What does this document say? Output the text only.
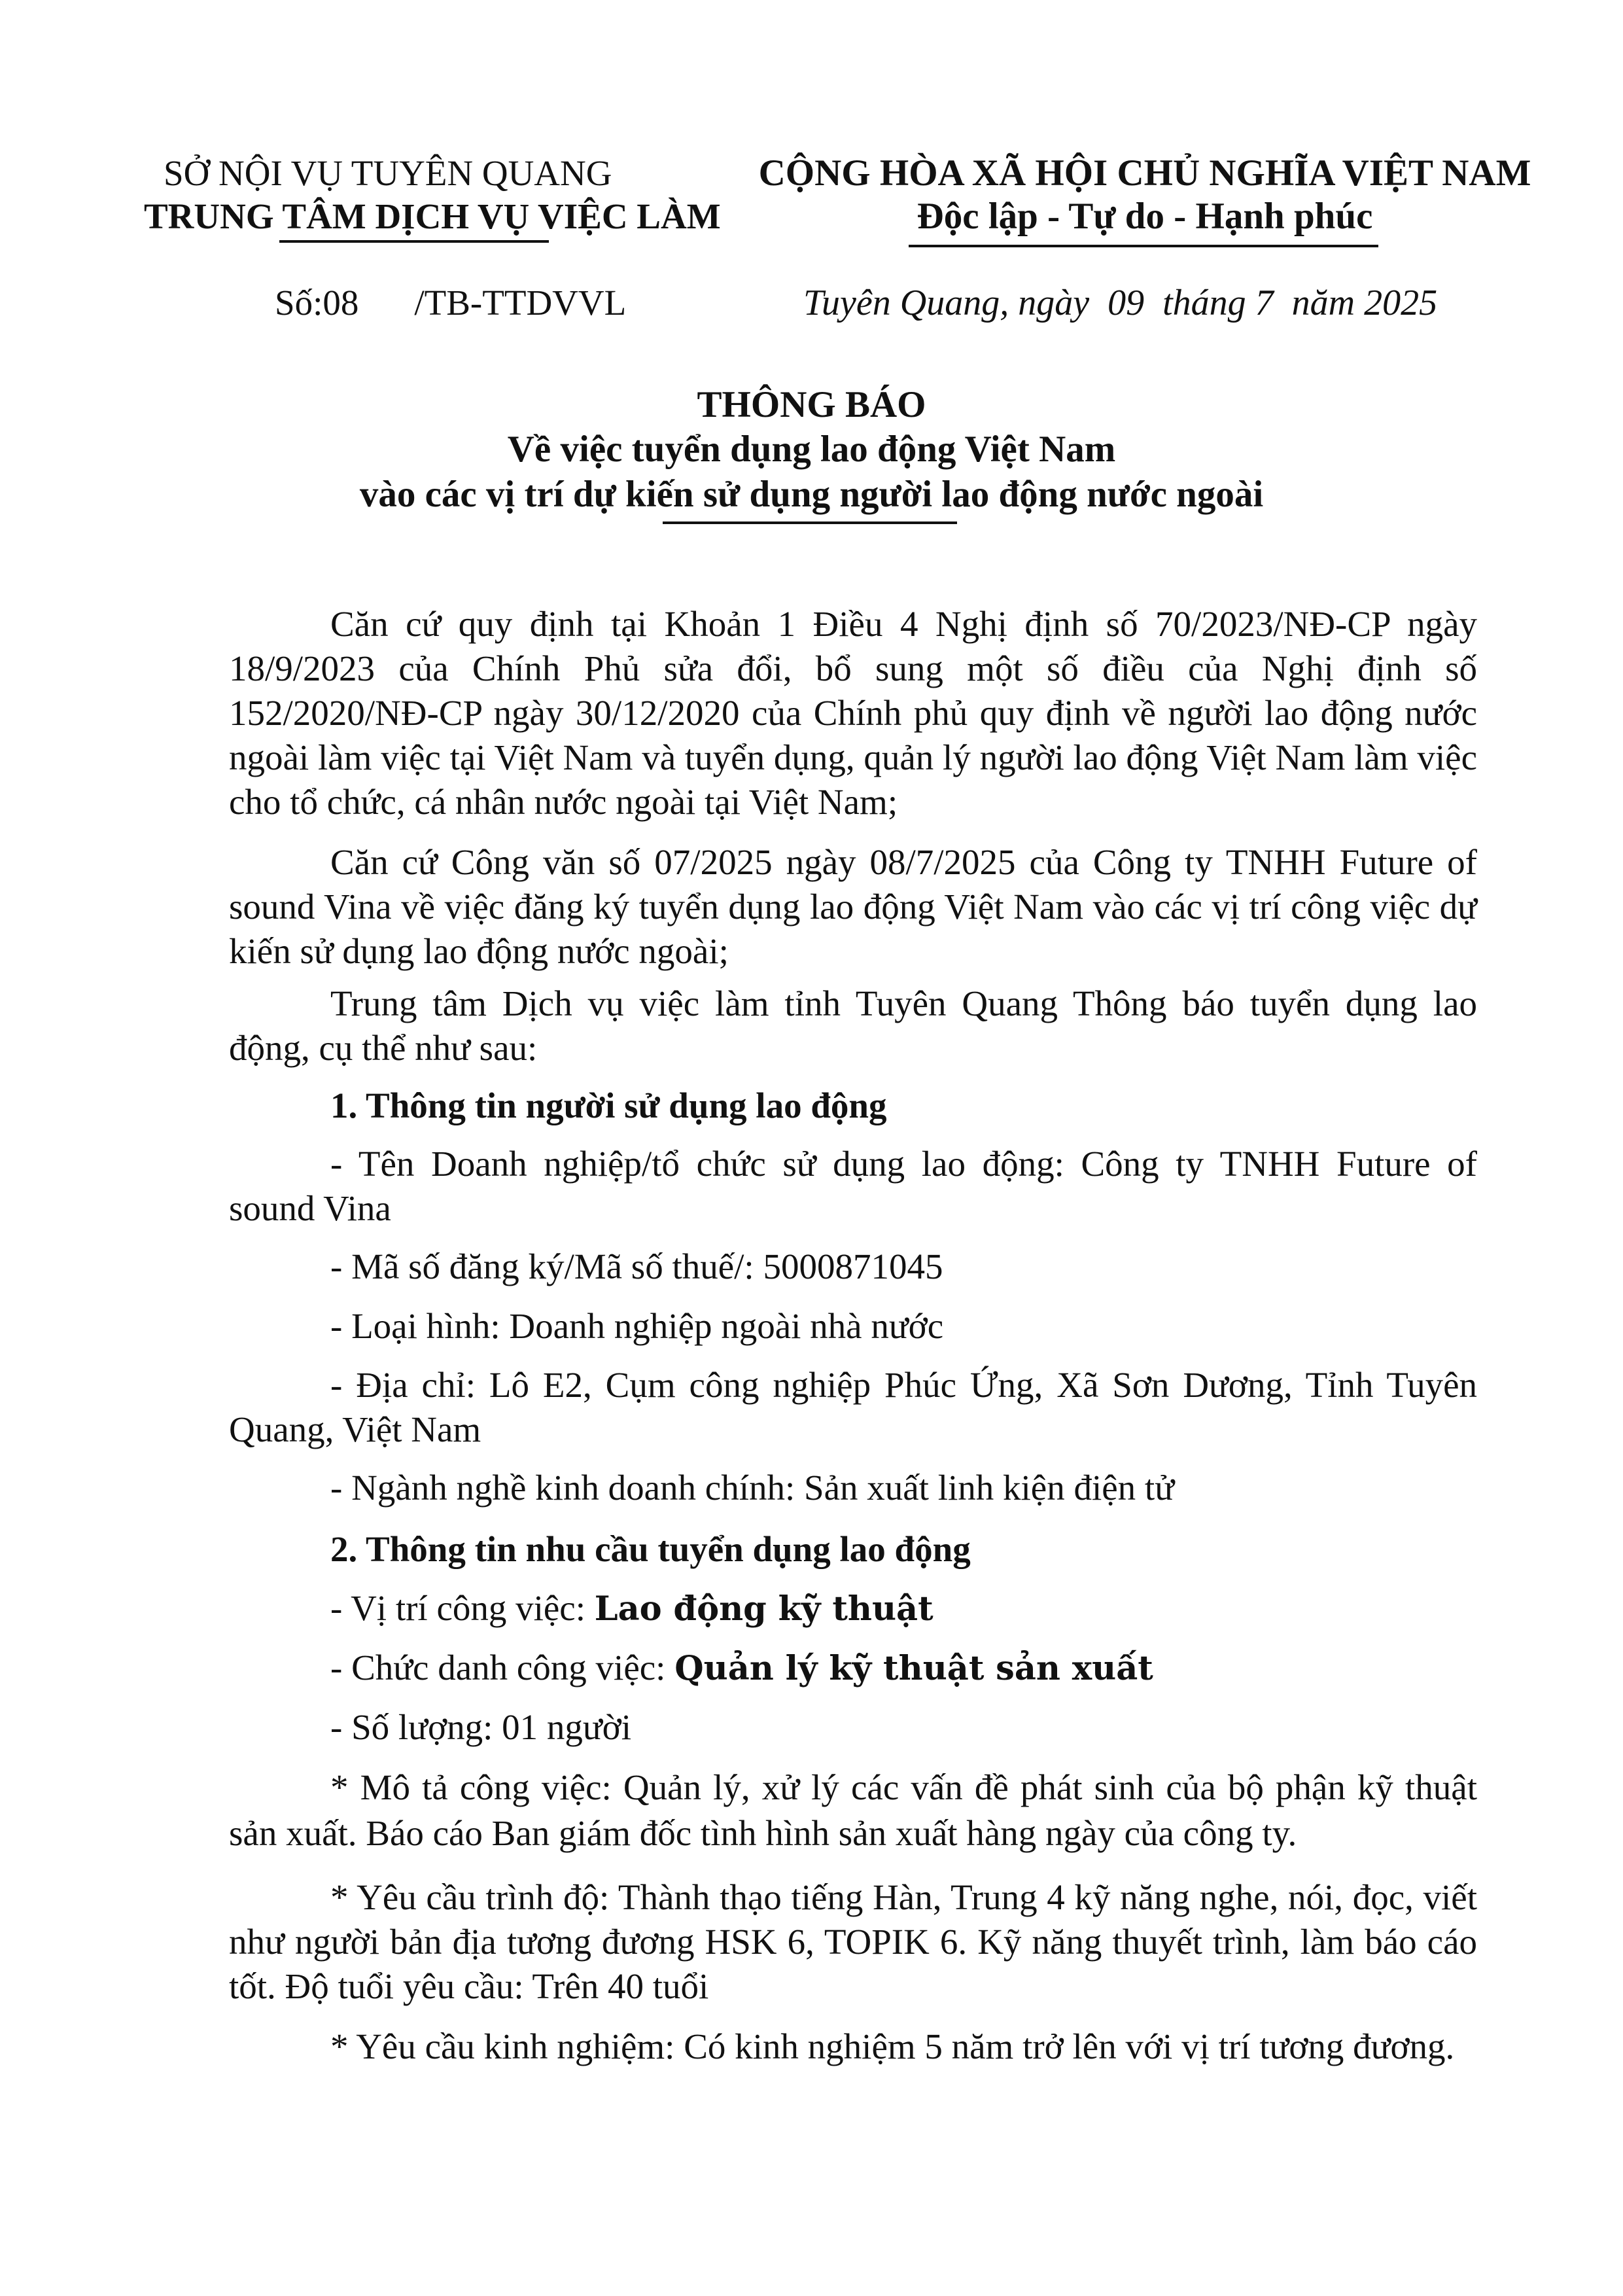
SỞ NỘI VỤ TUYÊN QUANG
TRUNG TÂM DỊCH VỤ VIỆC LÀM
CỘNG HÒA XÃ HỘI CHỦ NGHĨA VIỆT NAM
Độc lập - Tự do - Hạnh phúc
Số:08 /TB-TTDVVL	Tuyên Quang, ngày  09  tháng 7  năm 2025
THÔNG BÁO
Về việc tuyển dụng lao động Việt Nam
vào các vị trí dự kiến sử dụng người lao động nước ngoài
Căn cứ quy định tại Khoản 1 Điều 4 Nghị định số 70/2023/NĐ-CP ngày 18/9/2023 của Chính Phủ sửa đổi, bổ sung một số điều của Nghị định số 152/2020/NĐ-CP ngày 30/12/2020 của Chính phủ quy định về người lao động nước ngoài làm việc tại Việt Nam và tuyển dụng, quản lý người lao động Việt Nam làm việc cho tổ chức, cá nhân nước ngoài tại Việt Nam;
Căn cứ Công văn số 07/2025 ngày 08/7/2025 của Công ty TNHH Future of sound Vina về việc đăng ký tuyển dụng lao động Việt Nam vào các vị trí công việc dự kiến sử dụng lao động nước ngoài;
Trung tâm Dịch vụ việc làm tỉnh Tuyên Quang Thông báo tuyển dụng lao động, cụ thể như sau:
1. Thông tin người sử dụng lao động
- Tên Doanh nghiệp/tổ chức sử dụng lao động: Công ty TNHH Future of
sound Vina
- Mã số đăng ký/Mã số thuế/: 5000871045
- Loại hình: Doanh nghiệp ngoài nhà nước
- Địa chỉ: Lô E2, Cụm công nghiệp Phúc Ứng, Xã Sơn Dương, Tỉnh Tuyên
Quang, Việt Nam
- Ngành nghề kinh doanh chính: Sản xuất linh kiện điện tử
2. Thông tin nhu cầu tuyển dụng lao động
- Vị trí công việc: Lao động kỹ thuật
- Chức danh công việc: Quản lý kỹ thuật sản xuất
- Số lượng: 01 người
* Mô tả công việc: Quản lý, xử lý các vấn đề phát sinh của bộ phận kỹ thuật
sản xuất. Báo cáo Ban giám đốc tình hình sản xuất hàng ngày của công ty.
* Yêu cầu trình độ: Thành thạo tiếng Hàn, Trung 4 kỹ năng nghe, nói, đọc, viết như người bản địa tương đương HSK 6, TOPIK 6. Kỹ năng thuyết trình, làm báo cáo tốt. Độ tuổi yêu cầu: Trên 40 tuổi
* Yêu cầu kinh nghiệm: Có kinh nghiệm 5 năm trở lên với vị trí tương đương.
